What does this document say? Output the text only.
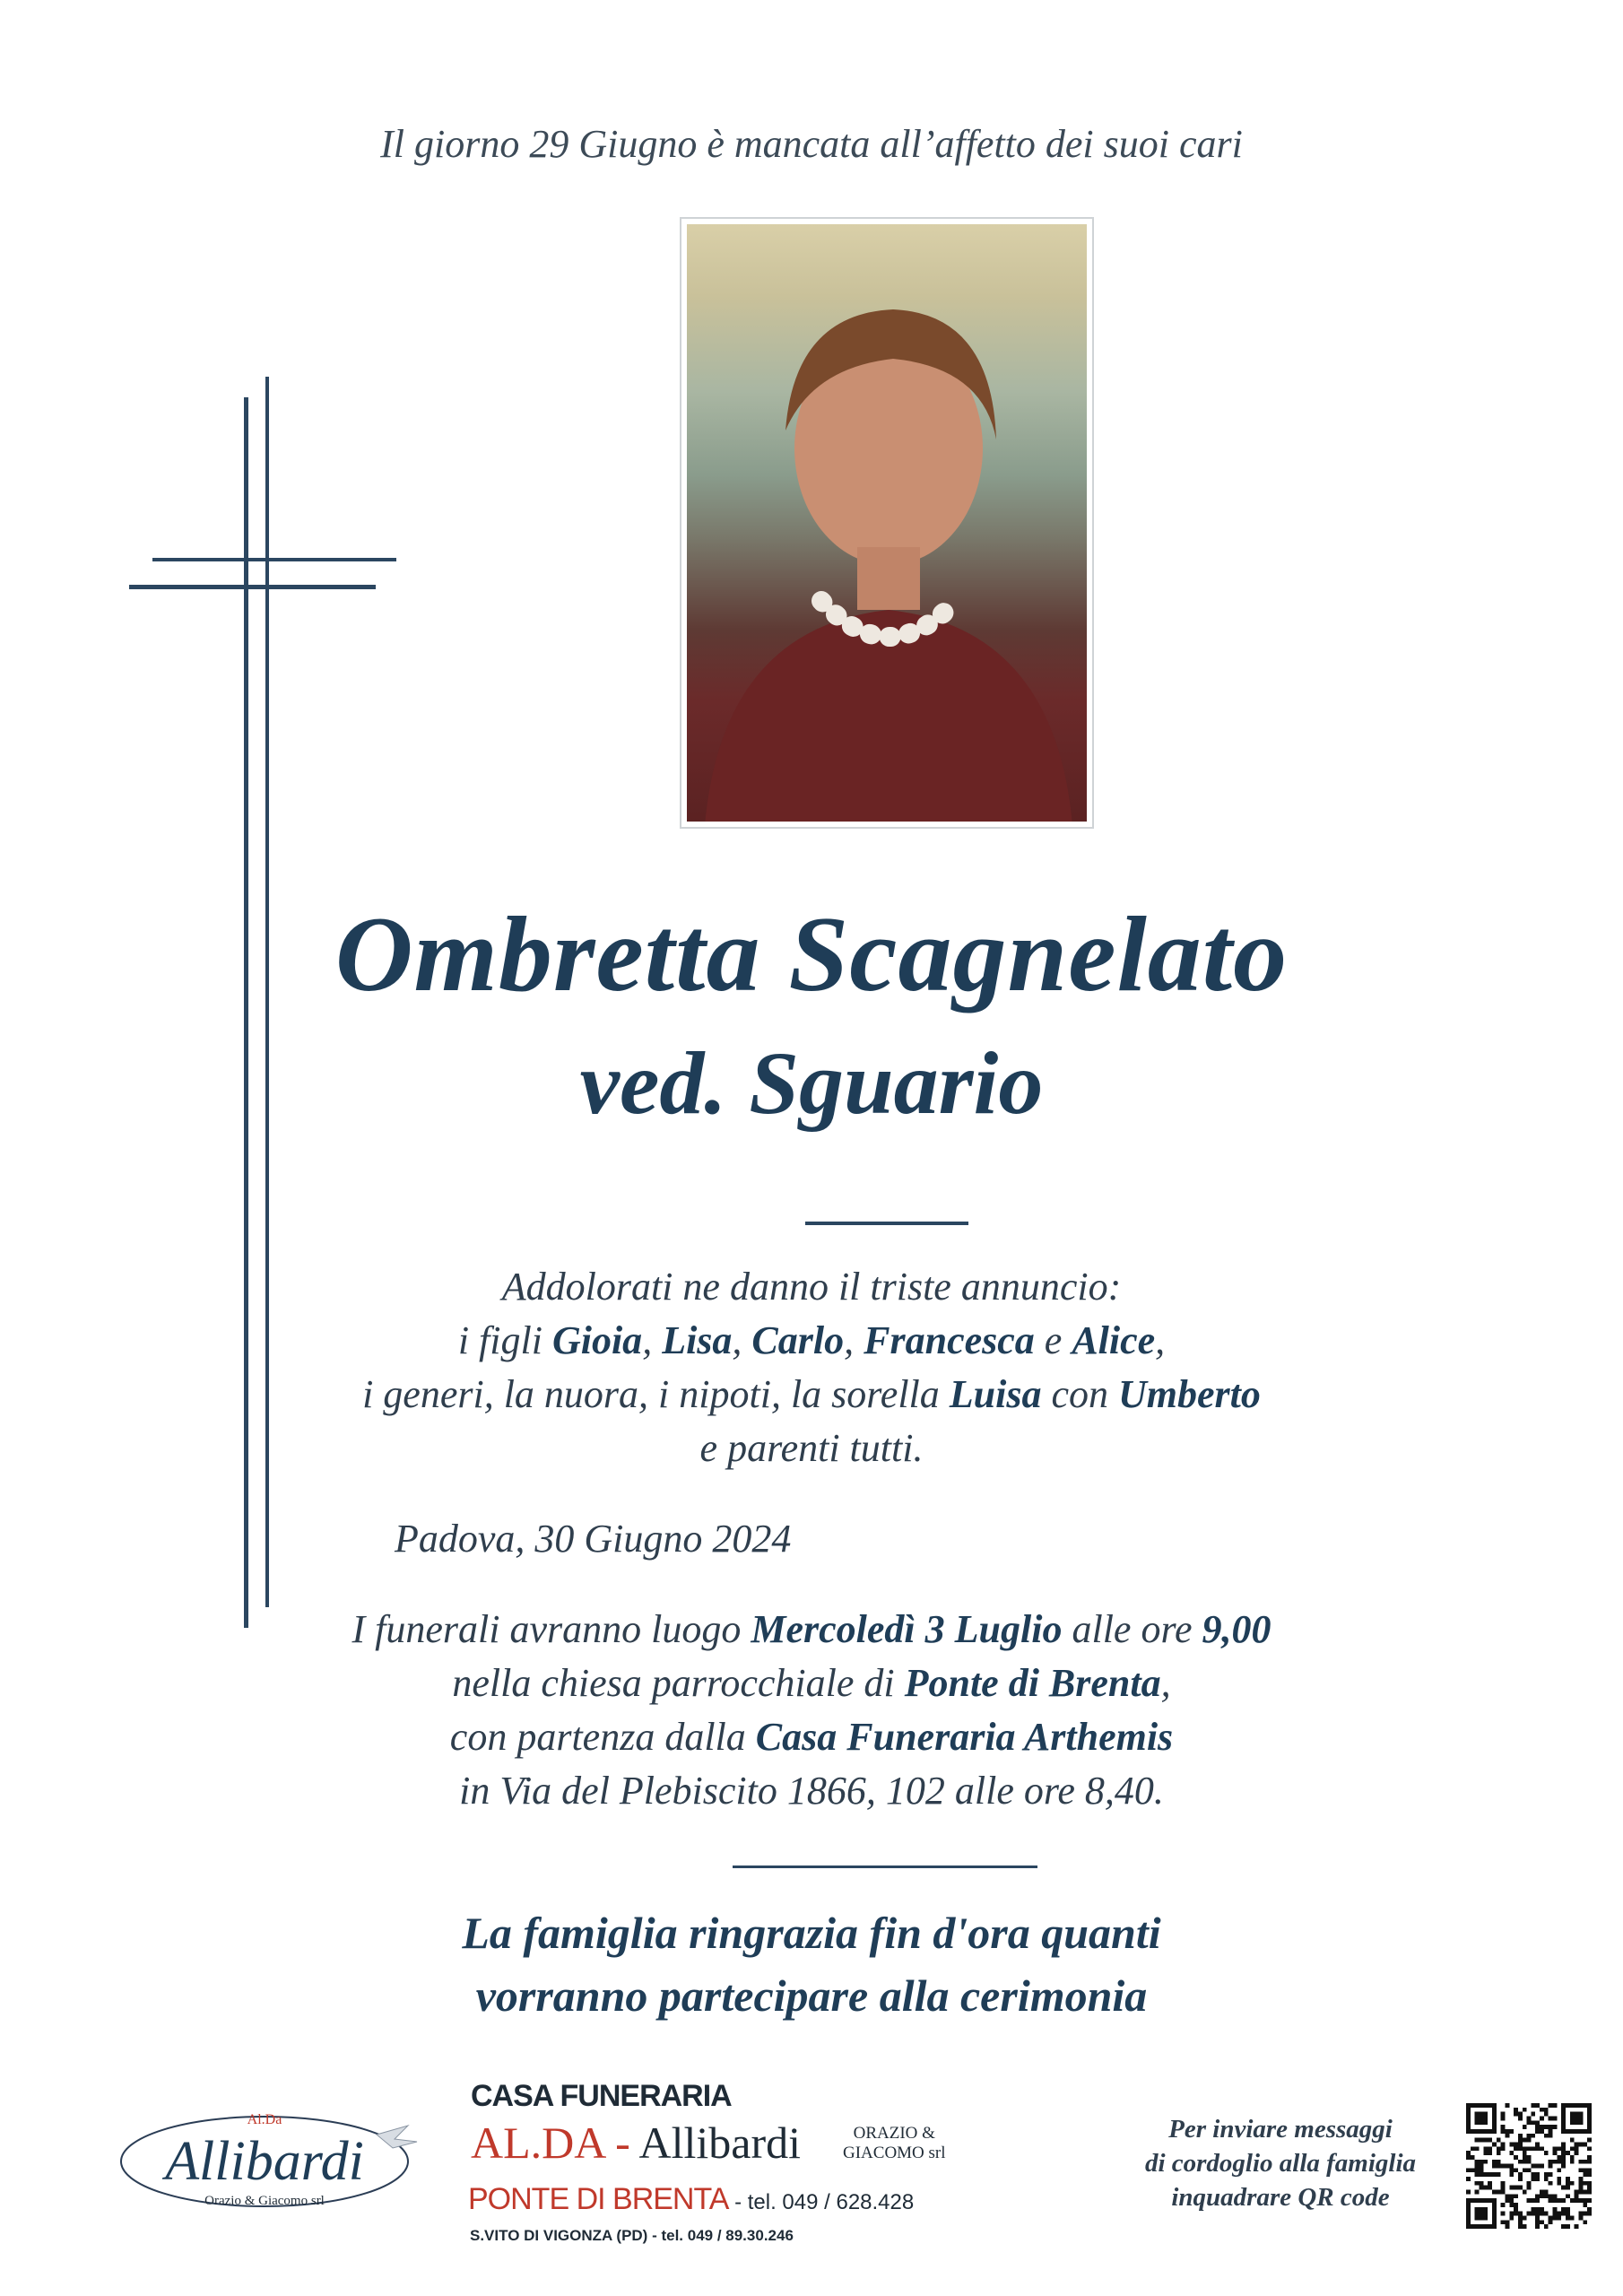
Il giorno 29 Giugno è mancata all’affetto dei suoi cari
Ombretta Scagnelato
ved. Sguario
Addolorati ne danno il triste annuncio:
i figli Gioia, Lisa, Carlo, Francesca e Alice,
i generi, la nuora, i nipoti, la sorella Luisa con Umberto
e parenti tutti.
Padova, 30 Giugno 2024
I funerali avranno luogo Mercoledì 3 Luglio alle ore 9,00
nella chiesa parrocchiale di Ponte di Brenta,
con partenza dalla Casa Funeraria Arthemis
in Via del Plebiscito 1866, 102 alle ore 8,40.
La famiglia ringrazia fin d'ora quanti
vorranno partecipare alla cerimonia
Al.Da
Allibardi
Orazio & Giacomo srl
CASA FUNERARIA
AL.DA - Allibardi	ORAZIO &
GIACOMO srl
PONTE DI BRENTA - tel. 049 / 628.428
S.VITO DI VIGONZA (PD) - tel. 049 / 89.30.246
Per inviare messaggi
di cordoglio alla famiglia
inquadrare QR code
